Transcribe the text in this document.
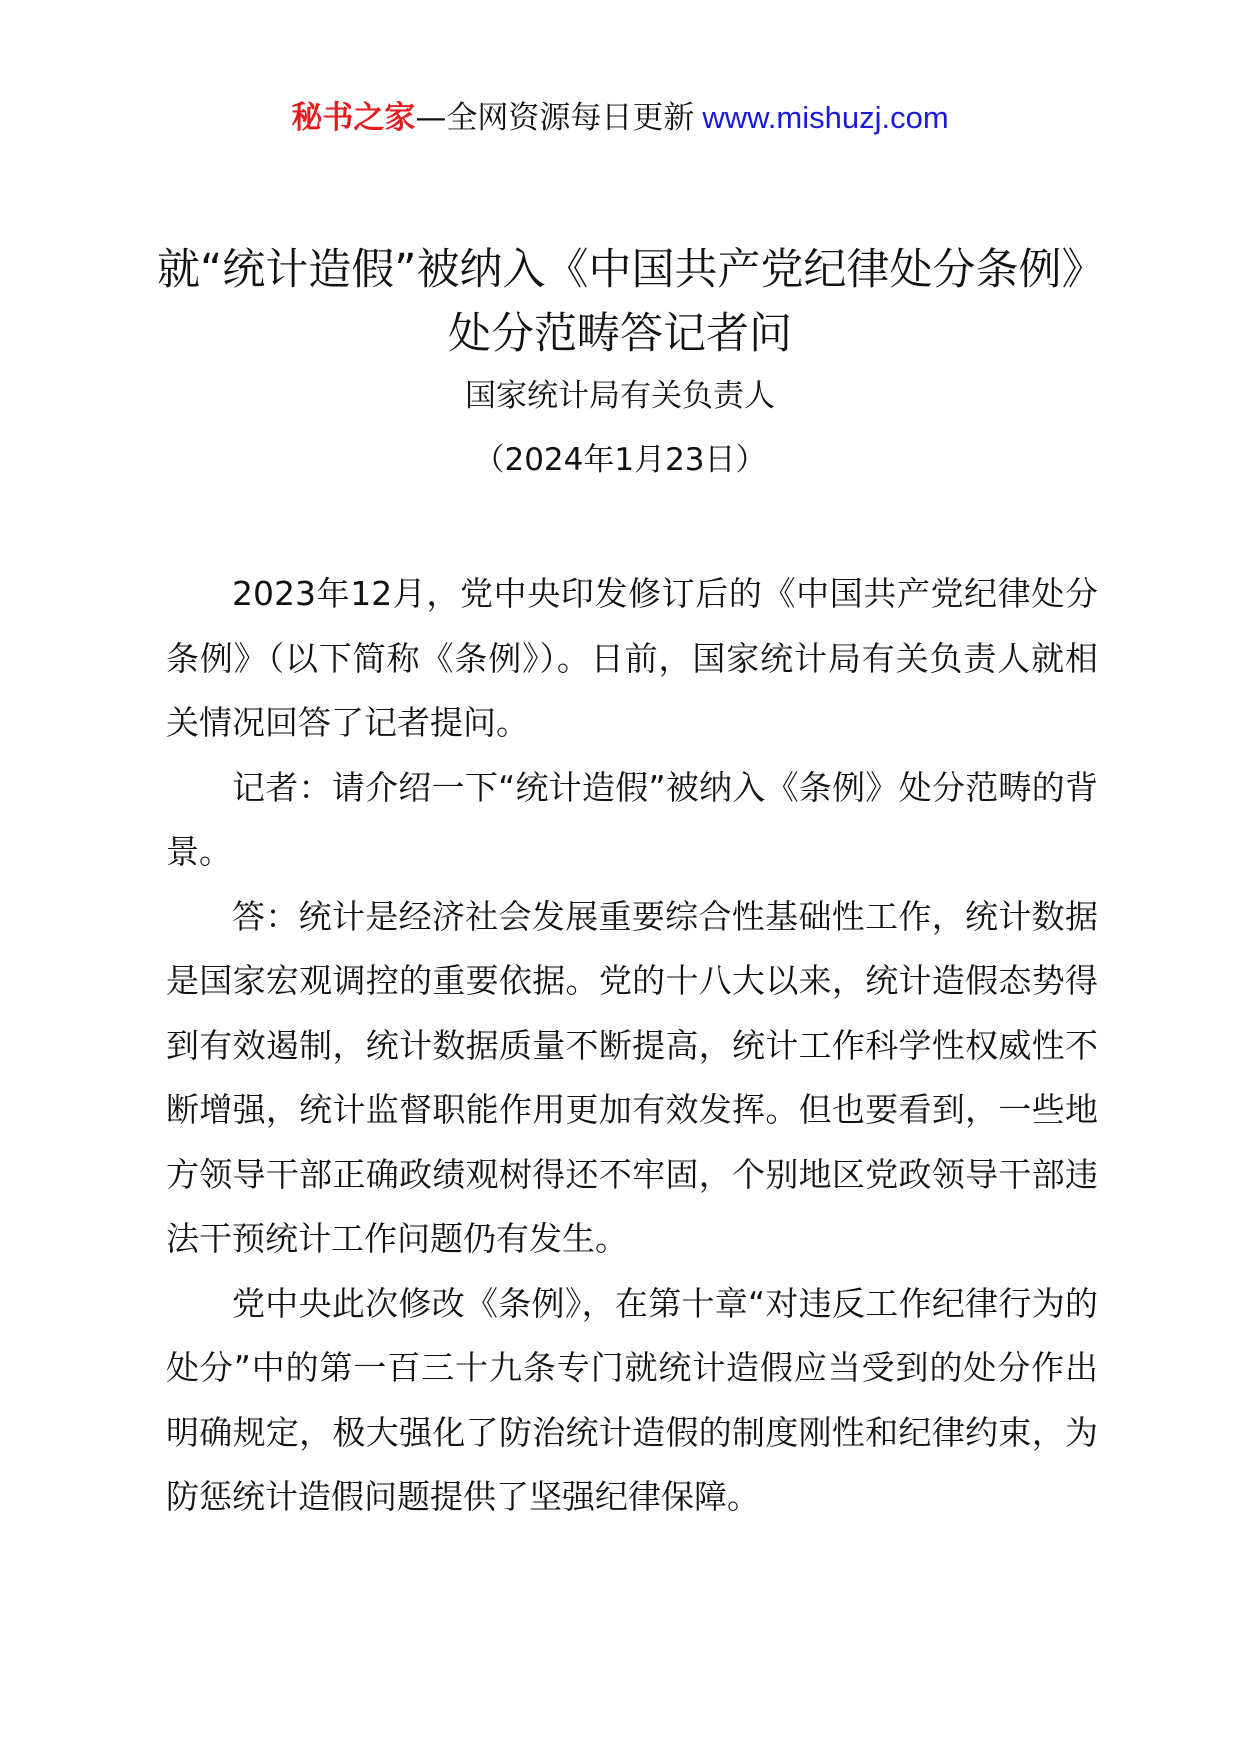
秘书之家—全网资源每日更新 www.mishuzj.com
就“统计造假”被纳入《中国共产党纪律处分条例》处分范畴答记者问
国家统计局有关负责人
（2024年1月23日）

2023年12月，党中央印发修订后的《中国共产党纪律处分条例》（以下简称《条例》）。日前，国家统计局有关负责人就相关情况回答了记者提问。

记者：请介绍一下“统计造假”被纳入《条例》处分范畴的背景。

答：统计是经济社会发展重要综合性基础性工作，统计数据是国家宏观调控的重要依据。党的十八大以来，统计造假态势得到有效遏制，统计数据质量不断提高，统计工作科学性权威性不断增强，统计监督职能作用更加有效发挥。但也要看到，一些地方领导干部正确政绩观树得还不牢固，个别地区党政领导干部违法干预统计工作问题仍有发生。

党中央此次修改《条例》，在第十章“对违反工作纪律行为的处分”中的第一百三十九条专门就统计造假应当受到的处分作出明确规定，极大强化了防治统计造假的制度刚性和纪律约束，为防惩统计造假问题提供了坚强纪律保障。
